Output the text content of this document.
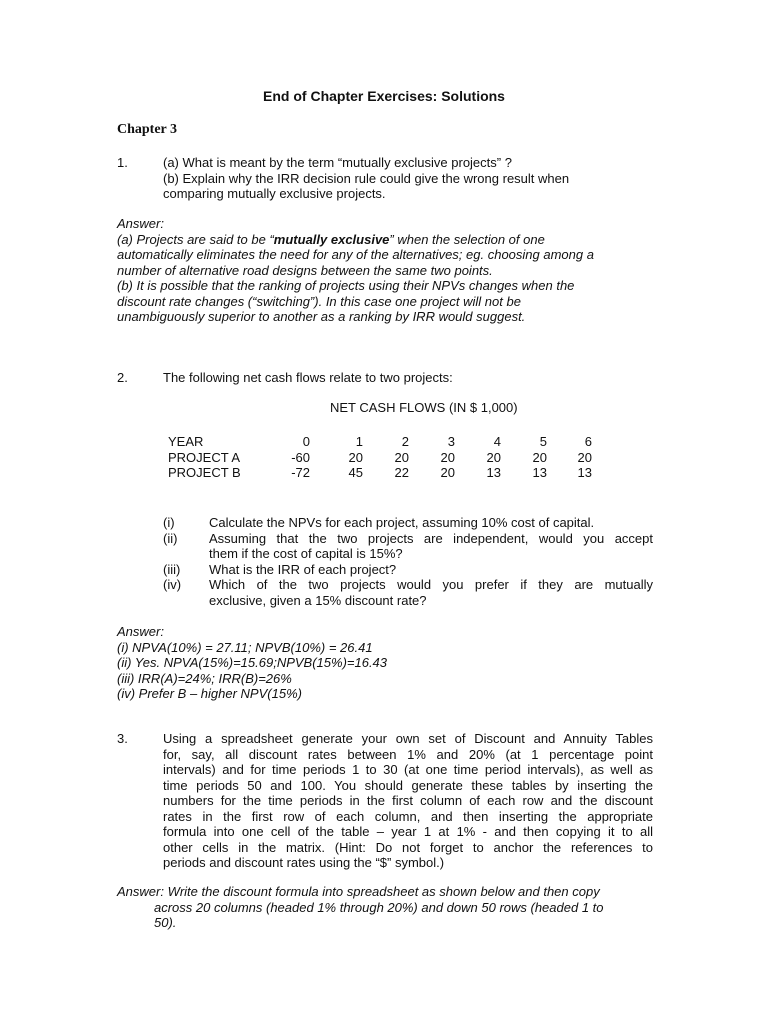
End of Chapter Exercises: Solutions
Chapter 3
1.	(a) What is meant by the term “mutually exclusive projects” ?
(b) Explain why the IRR decision rule could give the wrong result when
comparing mutually exclusive projects.
Answer:
(a) Projects are said to be “mutually exclusive” when the selection of one
automatically eliminates the need for any of the alternatives; eg. choosing among a
number of alternative road designs between the same two points.
(b) It is possible that the ranking of projects using their NPVs changes when the
discount rate changes (“switching”). In this case one project will not be
unambiguously superior to another as a ranking by IRR would suggest.
2.	The following net cash flows relate to two projects:
NET CASH FLOWS (IN $ 1,000)
YEAR	0	1	2	3	4	5	6
PROJECT A	-60	20	20	20	20	20	20
PROJECT B	-72	45	22	20	13	13	13
(i)	Calculate the NPVs for each project, assuming 10% cost of capital.
(ii)	Assuming that the two projects are independent, would you accept
them if the cost of capital is 15%?
(iii)	What is the IRR of each project?
(iv)	Which of the two projects would you prefer if they are mutually
exclusive, given a 15% discount rate?
Answer:
(i) NPVA(10%) = 27.11; NPVB(10%) = 26.41
(ii) Yes. NPVA(15%)=15.69;NPVB(15%)=16.43
(iii) IRR(A)=24%; IRR(B)=26%
(iv) Prefer B – higher NPV(15%)
3.	Using a spreadsheet generate your own set of Discount and Annuity Tables
for, say, all discount rates between 1% and 20% (at 1 percentage point
intervals) and for time periods 1 to 30 (at one time period intervals), as well as
time periods 50 and 100. You should generate these tables by inserting the
numbers for the time periods in the first column of each row and the discount
rates in the first row of each column, and then inserting the appropriate
formula into one cell of the table – year 1 at 1% - and then copying it to all
other cells in the matrix. (Hint: Do not forget to anchor the references to
periods and discount rates using the “$” symbol.)
Answer: Write the discount formula into spreadsheet as shown below and then copy
across 20 columns (headed 1% through 20%) and down 50 rows (headed 1 to
50).
